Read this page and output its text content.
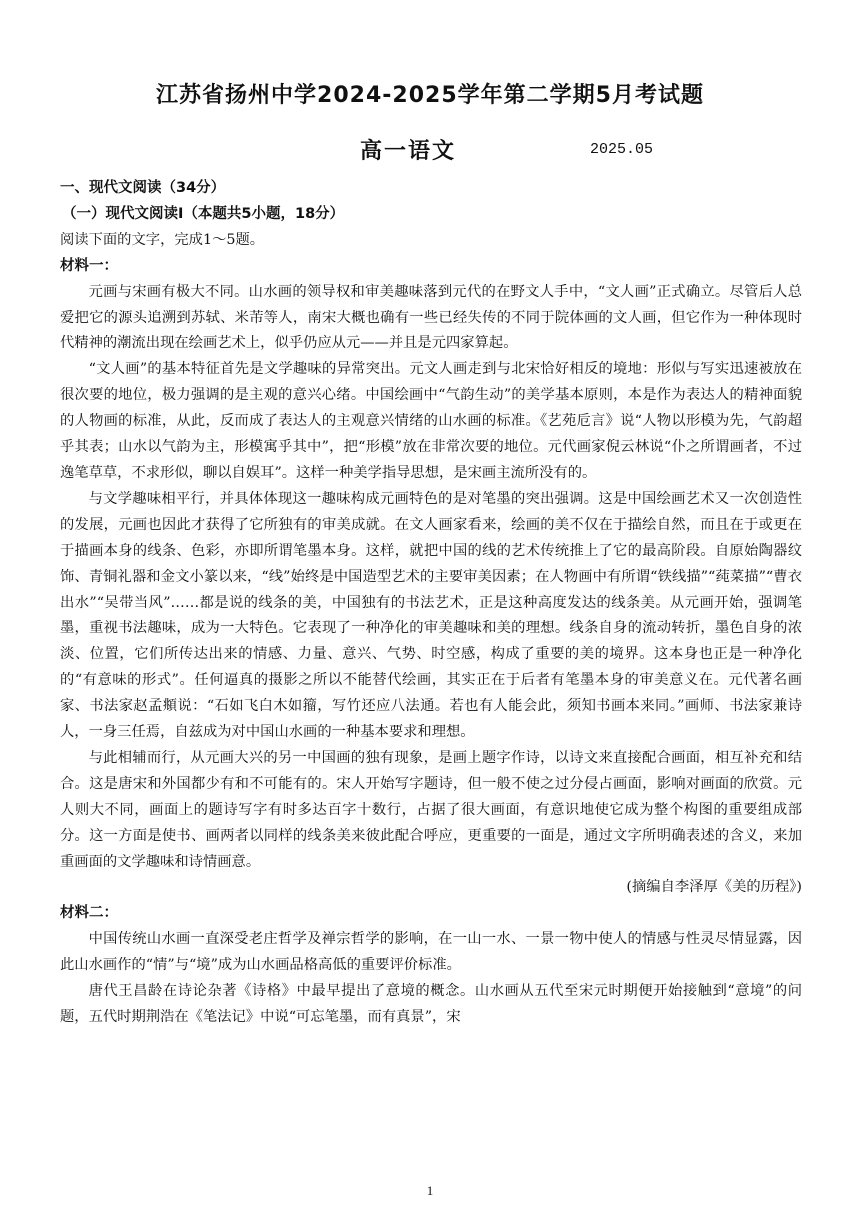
江苏省扬州中学2024-2025学年第二学期5月考试题
高一语文	2025.05

一、现代文阅读（34分）

（一）现代文阅读Ⅰ（本题共5小题，18分）

阅读下面的文字，完成1～5题。

材料一：

元画与宋画有极大不同。山水画的领导权和审美趣味落到元代的在野文人手中，“文人画”正式确立。尽管后人总爱把它的源头追溯到苏轼、米芾等人，南宋大概也确有一些已经失传的不同于院体画的文人画，但它作为一种体现时代精神的潮流出现在绘画艺术上，似乎仍应从元——并且是元四家算起。

“文人画”的基本特征首先是文学趣味的异常突出。元文人画走到与北宋恰好相反的境地：形似与写实迅速被放在很次要的地位，极力强调的是主观的意兴心绪。中国绘画中“气韵生动”的美学基本原则，本是作为表达人的精神面貌的人物画的标准，从此，反而成了表达人的主观意兴情绪的山水画的标准。《艺苑卮言》说“人物以形模为先，气韵超乎其表；山水以气韵为主，形模寓乎其中”，把“形模”放在非常次要的地位。元代画家倪云林说“仆之所谓画者，不过逸笔草草，不求形似，聊以自娱耳”。这样一种美学指导思想，是宋画主流所没有的。

与文学趣味相平行，并具体体现这一趣味构成元画特色的是对笔墨的突出强调。这是中国绘画艺术又一次创造性的发展，元画也因此才获得了它所独有的审美成就。在文人画家看来，绘画的美不仅在于描绘自然，而且在于或更在于描画本身的线条、色彩，亦即所谓笔墨本身。这样，就把中国的线的艺术传统推上了它的最高阶段。自原始陶器纹饰、青铜礼器和金文小篆以来，“线”始终是中国造型艺术的主要审美因素；在人物画中有所谓“铁线描”“莼菜描”“曹衣出水”“吴带当风”……都是说的线条的美，中国独有的书法艺术，正是这种高度发达的线条美。从元画开始，强调笔墨，重视书法趣味，成为一大特色。它表现了一种净化的审美趣味和美的理想。线条自身的流动转折，墨色自身的浓淡、位置，它们所传达出来的情感、力量、意兴、气势、时空感，构成了重要的美的境界。这本身也正是一种净化的“有意味的形式”。任何逼真的摄影之所以不能替代绘画，其实正在于后者有笔墨本身的审美意义在。元代著名画家、书法家赵孟頫说：“石如飞白木如籀，写竹还应八法通。若也有人能会此，须知书画本来同。”画师、书法家兼诗人，一身三任焉，自兹成为对中国山水画的一种基本要求和理想。

与此相辅而行，从元画大兴的另一中国画的独有现象，是画上题字作诗，以诗文来直接配合画面，相互补充和结合。这是唐宋和外国都少有和不可能有的。宋人开始写字题诗，但一般不使之过分侵占画面，影响对画面的欣赏。元人则大不同，画面上的题诗写字有时多达百字十数行，占据了很大画面，有意识地使它成为整个构图的重要组成部分。这一方面是使书、画两者以同样的线条美来彼此配合呼应，更重要的一面是，通过文字所明确表述的含义，来加重画面的文学趣味和诗情画意。

(摘编自李泽厚《美的历程》)

材料二：

中国传统山水画一直深受老庄哲学及禅宗哲学的影响，在一山一水、一景一物中使人的情感与性灵尽情显露，因此山水画作的“情”与“境”成为山水画品格高低的重要评价标准。

唐代王昌龄在诗论杂著《诗格》中最早提出了意境的概念。山水画从五代至宋元时期便开始接触到“意境”的问题，五代时期荆浩在《笔法记》中说“可忘笔墨，而有真景”，宋

1
